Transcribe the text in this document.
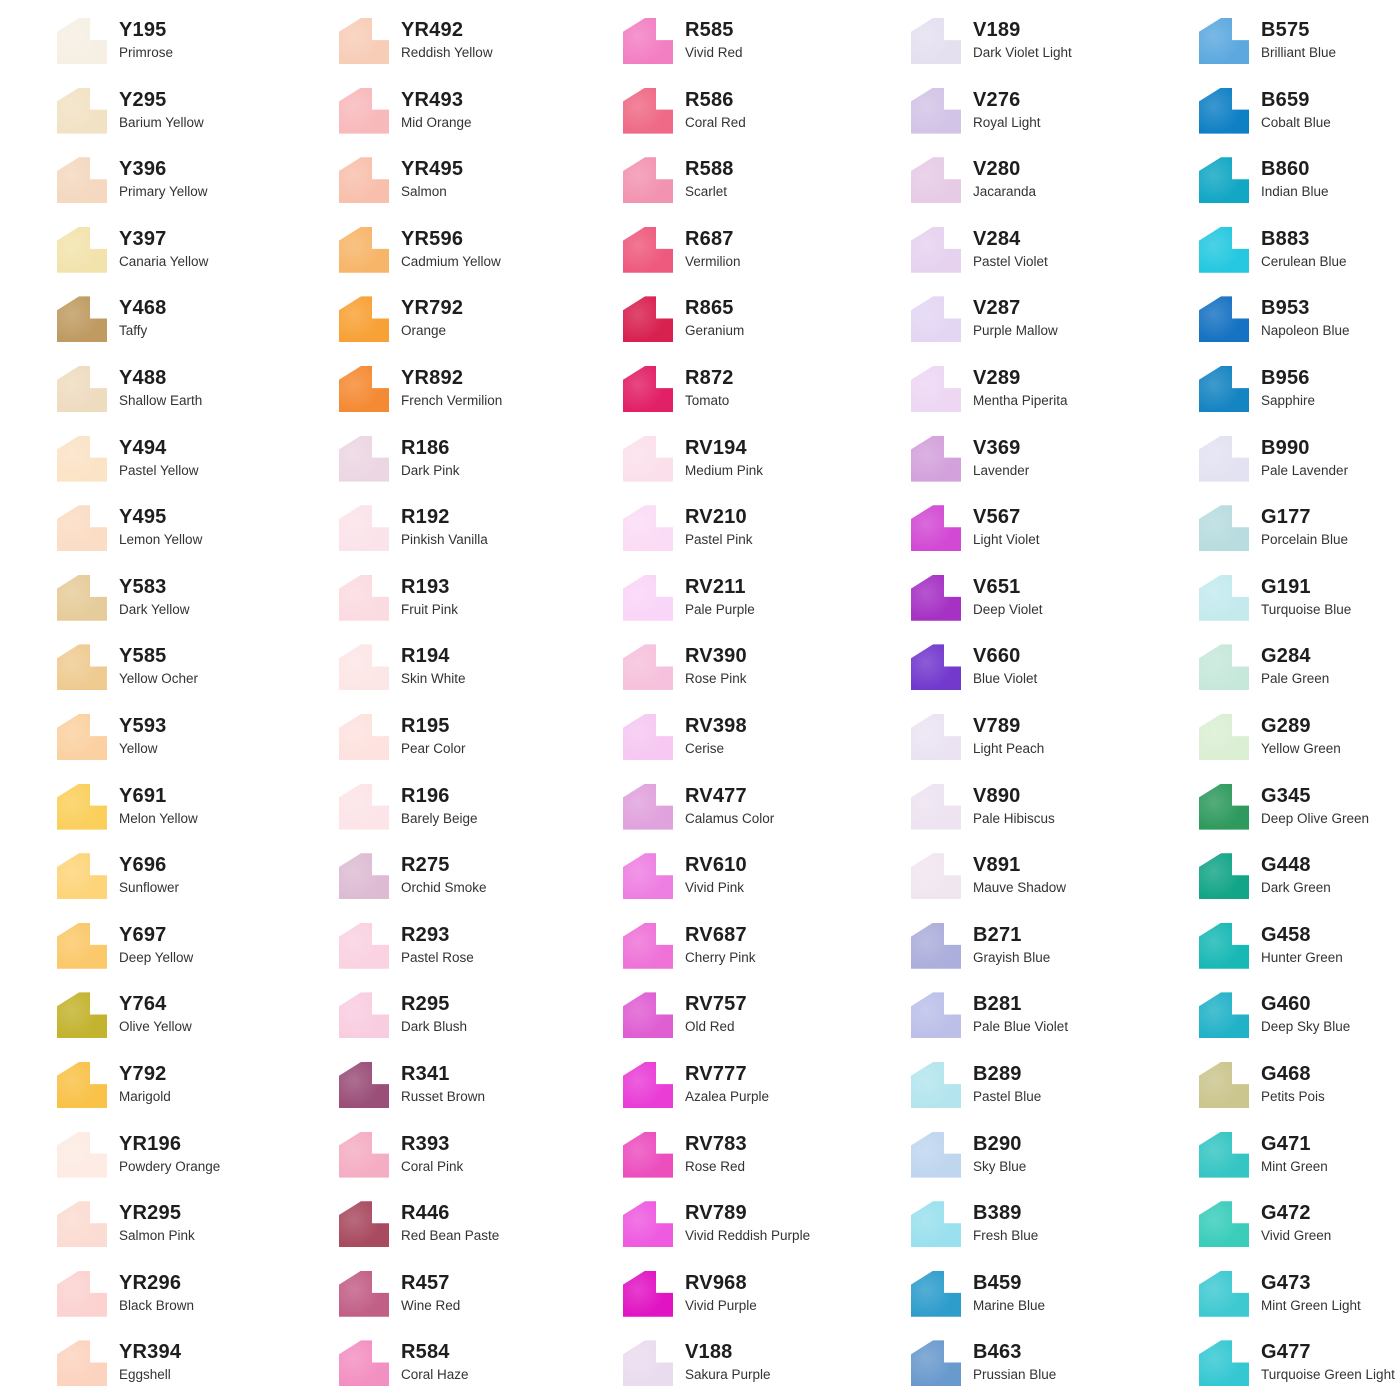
Y195
Primrose
Y295
Barium Yellow
Y396
Primary Yellow
Y397
Canaria Yellow
Y468
Taffy
Y488
Shallow Earth
Y494
Pastel Yellow
Y495
Lemon Yellow
Y583
Dark Yellow
Y585
Yellow Ocher
Y593
Yellow
Y691
Melon Yellow
Y696
Sunflower
Y697
Deep Yellow
Y764
Olive Yellow
Y792
Marigold
YR196
Powdery Orange
YR295
Salmon Pink
YR296
Black Brown
YR394
Eggshell
YR492
Reddish Yellow
YR493
Mid Orange
YR495
Salmon
YR596
Cadmium Yellow
YR792
Orange
YR892
French Vermilion
R186
Dark Pink
R192
Pinkish Vanilla
R193
Fruit Pink
R194
Skin White
R195
Pear Color
R196
Barely Beige
R275
Orchid Smoke
R293
Pastel Rose
R295
Dark Blush
R341
Russet Brown
R393
Coral Pink
R446
Red Bean Paste
R457
Wine Red
R584
Coral Haze
R585
Vivid Red
R586
Coral Red
R588
Scarlet
R687
Vermilion
R865
Geranium
R872
Tomato
RV194
Medium Pink
RV210
Pastel Pink
RV211
Pale Purple
RV390
Rose Pink
RV398
Cerise
RV477
Calamus Color
RV610
Vivid Pink
RV687
Cherry Pink
RV757
Old Red
RV777
Azalea Purple
RV783
Rose Red
RV789
Vivid Reddish Purple
RV968
Vivid Purple
V188
Sakura Purple
V189
Dark Violet Light
V276
Royal Light
V280
Jacaranda
V284
Pastel Violet
V287
Purple Mallow
V289
Mentha Piperita
V369
Lavender
V567
Light Violet
V651
Deep Violet
V660
Blue Violet
V789
Light Peach
V890
Pale Hibiscus
V891
Mauve Shadow
B271
Grayish Blue
B281
Pale Blue Violet
B289
Pastel Blue
B290
Sky Blue
B389
Fresh Blue
B459
Marine Blue
B463
Prussian Blue
B575
Brilliant Blue
B659
Cobalt Blue
B860
Indian Blue
B883
Cerulean Blue
B953
Napoleon Blue
B956
Sapphire
B990
Pale Lavender
G177
Porcelain Blue
G191
Turquoise Blue
G284
Pale Green
G289
Yellow Green
G345
Deep Olive Green
G448
Dark Green
G458
Hunter Green
G460
Deep Sky Blue
G468
Petits Pois
G471
Mint Green
G472
Vivid Green
G473
Mint Green Light
G477
Turquoise Green Light
